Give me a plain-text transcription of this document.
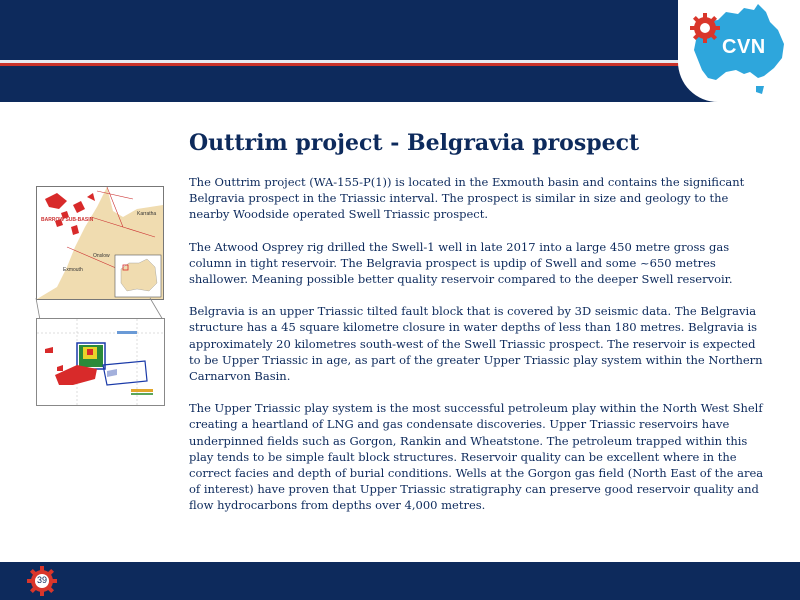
CVN
Outtrim project - Belgravia prospect

The Outtrim project (WA-155-P(1)) is located in the Exmouth basin and contains the significant Belgravia prospect in the Triassic interval. The prospect is similar in size and geology to the nearby Woodside operated Swell Triassic prospect.

The Atwood Osprey rig drilled the Swell-1 well in late 2017 into a large 450 metre gross gas column in tight reservoir. The Belgravia prospect is updip of Swell and some ~650 metres shallower. Meaning possible better quality reservoir compared to the deeper Swell reservoir.

Belgravia is an upper Triassic tilted fault block that is covered by 3D seismic data. The Belgravia structure has a 45 square kilometre closure in water depths of less than 180 metres. Belgravia is approximately 20 kilometres south-west of the Swell Triassic prospect. The reservoir is expected to be Upper Triassic in age, as part of the greater Upper Triassic play system within the Northern Carnarvon Basin.

The Upper Triassic play system is the most successful petroleum play within the North West Shelf creating a heartland of LNG and gas condensate discoveries. Upper Triassic reservoirs have underpinned fields such as Gorgon, Rankin and Wheatstone. The petroleum trapped within this play tends to be simple fault block structures. Reservoir quality can be excellent where in the correct facies and depth of burial conditions. Wells at the Gorgon gas field (North East of the area of interest) have proven that Upper Triassic stratigraphy can preserve good reservoir quality and flow hydrocarbons from depths over 4,000 metres.

BARROW SUB-BASIN
Exmouth
Karratha
Onslow
39
